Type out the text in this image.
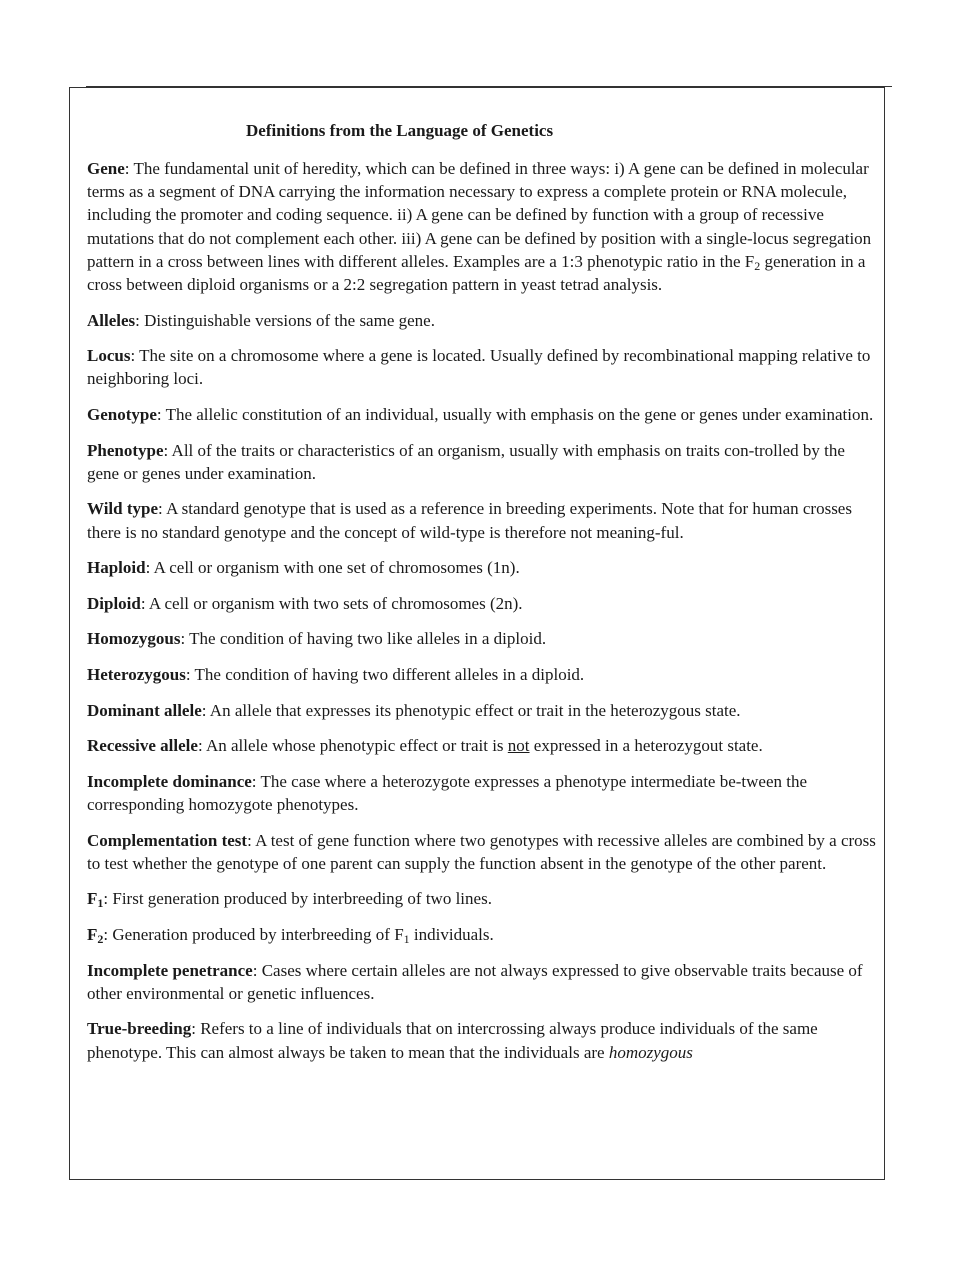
Definitions from the Language of Genetics

Gene: The fundamental unit of heredity, which can be defined in three ways: i) A gene can be defined in molecular terms as a segment of DNA carrying the information necessary to express a complete protein or RNA molecule, including the promoter and coding sequence. ii) A gene can be defined by function with a group of recessive mutations that do not complement each other. iii) A gene can be defined by position with a single-locus segregation pattern in a cross between lines with different alleles. Examples are a 1:3 phenotypic ratio in the $F_2$ generation in a cross between diploid organisms or a 2:2 segregation pattern in yeast tetrad analysis.

Alleles: Distinguishable versions of the same gene.

Locus: The site on a chromosome where a gene is located. Usually defined by recombinational mapping relative to neighboring loci.

Genotype: The allelic constitution of an individual, usually with emphasis on the gene or genes under examination.

Phenotype: All of the traits or characteristics of an organism, usually with emphasis on traits con-trolled by the gene or genes under examination.

Wild type: A standard genotype that is used as a reference in breeding experiments. Note that for human crosses there is no standard genotype and the concept of wild-type is therefore not meaning-ful.

Haploid: A cell or organism with one set of chromosomes (1n).

Diploid: A cell or organism with two sets of chromosomes (2n).

Homozygous: The condition of having two like alleles in a diploid.

Heterozygous: The condition of having two different alleles in a diploid.

Dominant allele: An allele that expresses its phenotypic effect or trait in the heterozygous state.

Recessive allele: An allele whose phenotypic effect or trait is not expressed in a heterozygout state.

Incomplete dominance: The case where a heterozygote expresses a phenotype intermediate be-tween the corresponding homozygote phenotypes.

Complementation test: A test of gene function where two genotypes with recessive alleles are combined by a cross to test whether the genotype of one parent can supply the function absent in the genotype of the other parent.

$F_1$: First generation produced by interbreeding of two lines.

$F_2$: Generation produced by interbreeding of $F_1$ individuals.

Incomplete penetrance: Cases where certain alleles are not always expressed to give observable traits because of other environmental or genetic influences.

True-breeding: Refers to a line of individuals that on intercrossing always produce individuals of the same phenotype. This can almost always be taken to mean that the individuals are homozygous
